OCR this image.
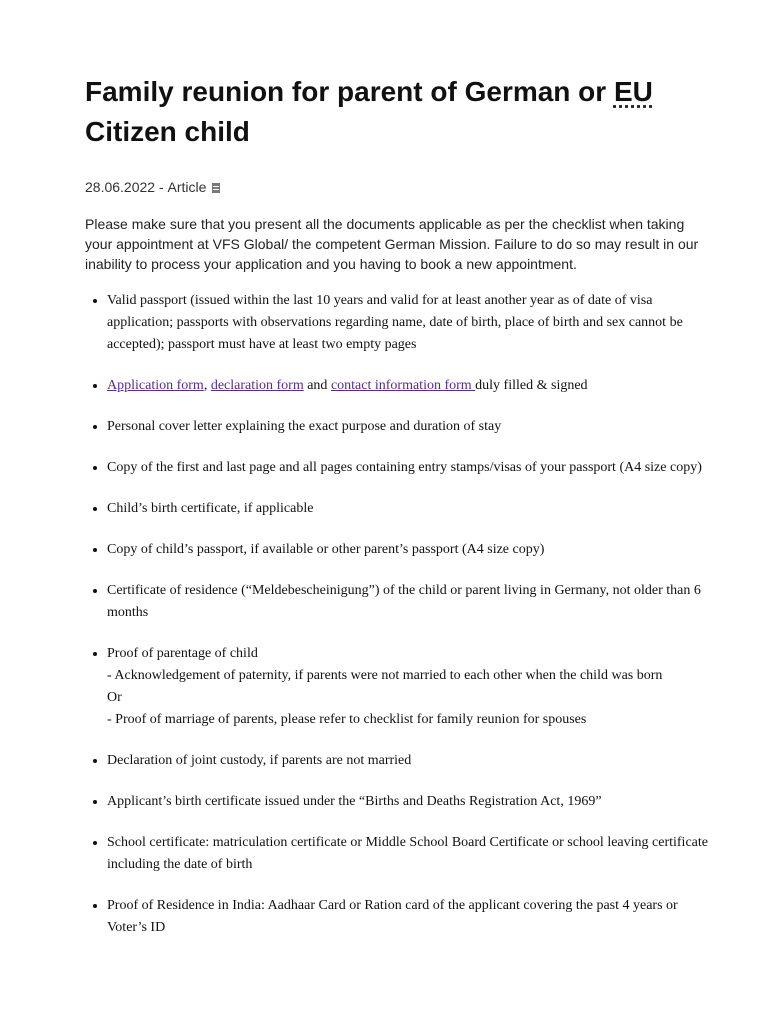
Family reunion for parent of German or EU
Citizen child
28.06.2022 - Article

Please make sure that you present all the documents applicable as per the checklist when taking your appointment at VFS Global/ the competent German Mission. Failure to do so may result in our inability to process your application and you having to book a new appointment.

• Valid passport (issued within the last 10 years and valid for at least another year as of date of visa application; passports with observations regarding name, date of birth, place of birth and sex cannot be accepted); passport must have at least two empty pages
• Application form, declaration form and contact information form duly filled & signed
• Personal cover letter explaining the exact purpose and duration of stay
• Copy of the first and last page and all pages containing entry stamps/visas of your passport (A4 size copy)
• Child’s birth certificate, if applicable
• Copy of child’s passport, if available or other parent’s passport (A4 size copy)
• Certificate of residence (“Meldebescheinigung”) of the child or parent living in Germany, not older than 6 months
• Proof of parentage of child
- Acknowledgement of paternity, if parents were not married to each other when the child was born
Or
- Proof of marriage of parents, please refer to checklist for family reunion for spouses
• Declaration of joint custody, if parents are not married
• Applicant’s birth certificate issued under the “Births and Deaths Registration Act, 1969”
• School certificate: matriculation certificate or Middle School Board Certificate or school leaving certificate including the date of birth
• Proof of Residence in India: Aadhaar Card or Ration card of the applicant covering the past 4 years or Voter’s ID
